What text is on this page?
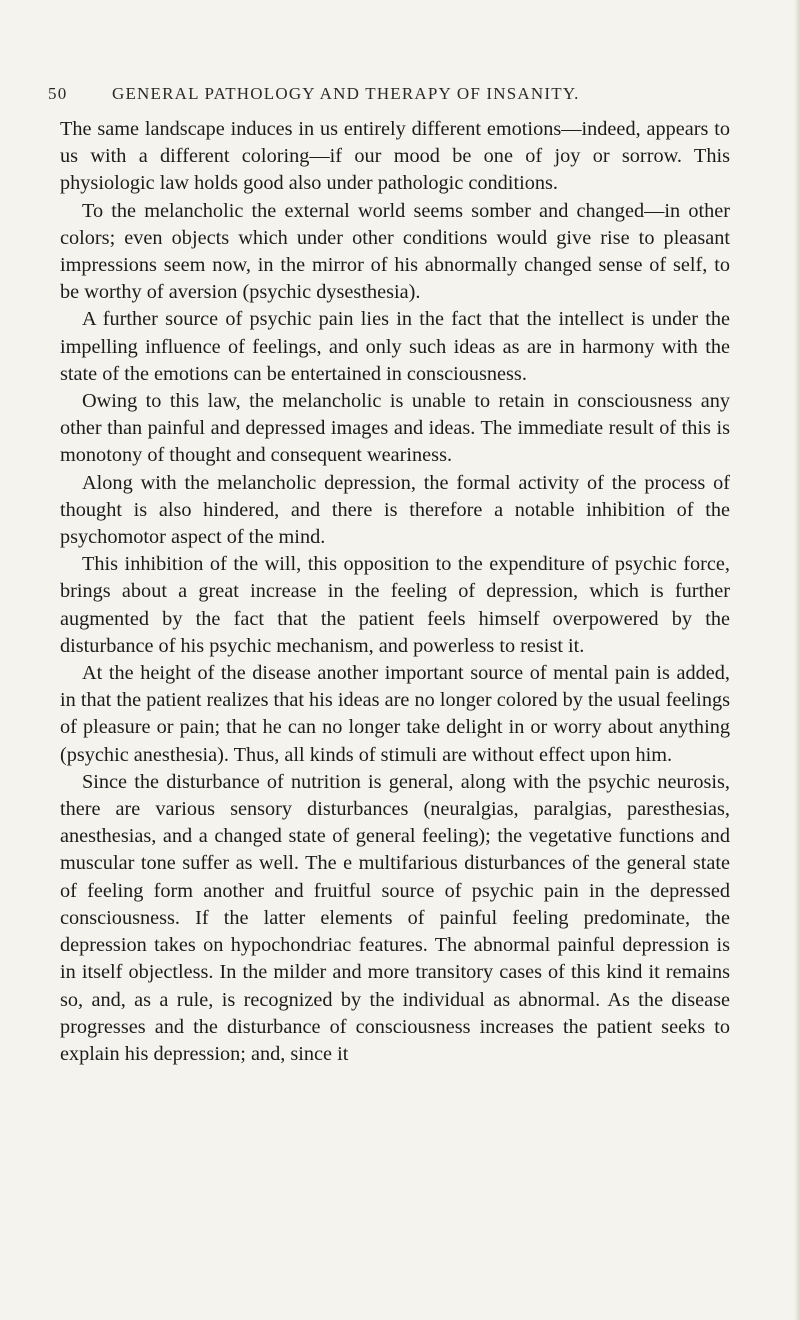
50	GENERAL PATHOLOGY AND THERAPY OF INSANITY.

The same landscape induces in us entirely different emotions—indeed, appears to us with a different coloring—if our mood be one of joy or sorrow. This physiologic law holds good also under pathologic conditions.

To the melancholic the external world seems somber and changed—in other colors; even objects which under other conditions would give rise to pleasant impressions seem now, in the mirror of his abnormally changed sense of self, to be worthy of aversion (psychic dysesthesia).

A further source of psychic pain lies in the fact that the intellect is under the impelling influence of feelings, and only such ideas as are in harmony with the state of the emotions can be entertained in consciousness.

Owing to this law, the melancholic is unable to retain in consciousness any other than painful and depressed images and ideas. The immediate result of this is monotony of thought and consequent weariness.

Along with the melancholic depression, the formal activity of the process of thought is also hindered, and there is therefore a notable inhibition of the psychomotor aspect of the mind.

This inhibition of the will, this opposition to the expenditure of psychic force, brings about a great increase in the feeling of depression, which is further augmented by the fact that the patient feels himself overpowered by the disturbance of his psychic mechanism, and powerless to resist it.

At the height of the disease another important source of mental pain is added, in that the patient realizes that his ideas are no longer colored by the usual feelings of pleasure or pain; that he can no longer take delight in or worry about anything (psychic anesthesia). Thus, all kinds of stimuli are without effect upon him.

Since the disturbance of nutrition is general, along with the psychic neurosis, there are various sensory disturbances (neuralgias, paralgias, paresthesias, anesthesias, and a changed state of general feeling); the vegetative functions and muscular tone suffer as well. The e multifarious disturbances of the general state of feeling form another and fruitful source of psychic pain in the depressed consciousness. If the latter elements of painful feeling predominate, the depression takes on hypochondriac features. The abnormal painful depression is in itself objectless. In the milder and more transitory cases of this kind it remains so, and, as a rule, is recognized by the individual as abnormal. As the disease progresses and the disturbance of consciousness increases the patient seeks to explain his depression; and, since it
